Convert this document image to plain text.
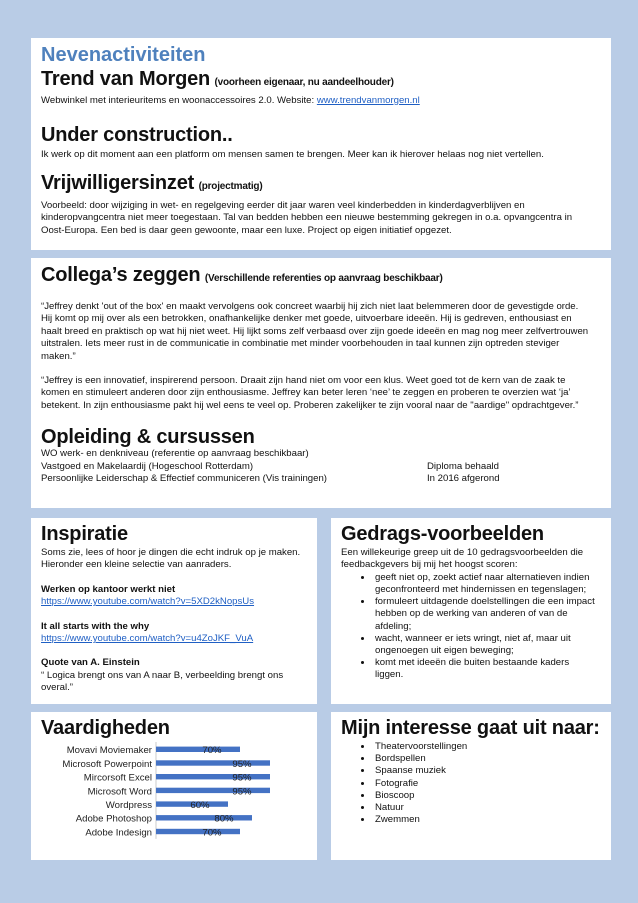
Nevenactiviteiten
Trend van Morgen (voorheen eigenaar, nu aandeelhouder)
Webwinkel met interieuritems en woonaccessoires 2.0. Website: www.trendvanmorgen.nl
Under construction..
Ik werk op dit moment aan een platform om mensen samen te brengen. Meer kan ik hierover helaas nog niet vertellen.
Vrijwilligersinzet (projectmatig)
Voorbeeld: door wijziging in wet- en regelgeving eerder dit jaar waren veel kinderbedden in kinderdagverblijven en kinderopvangcentra niet meer toegestaan. Tal van bedden hebben een nieuwe bestemming gekregen in o.a. opvangcentra in Oost-Europa. Een bed is daar geen gewoonte, maar een luxe. Project op eigen initiatief opgezet.
Collega’s zeggen (Verschillende referenties op aanvraag beschikbaar)
“Jeffrey denkt 'out of the box' en maakt vervolgens ook concreet waarbij hij zich niet laat belemmeren door de gevestigde orde. Hij komt op mij over als een betrokken, onafhankelijke denker met goede, uitvoerbare ideeën. Hij is gedreven, enthousiast en haalt breed en praktisch op wat hij niet weet. Hij lijkt soms zelf verbaasd over zijn goede ideeën en mag nog meer zelfvertrouwen uitstralen. Iets meer rust in de communicatie in combinatie met minder voorbehouden in taal kunnen zijn optreden steviger maken.”
“Jeffrey is een innovatief, inspirerend persoon. Draait zijn hand niet om voor een klus. Weet goed tot de kern van de zaak te komen en stimuleert anderen door zijn enthousiasme. Jeffrey kan beter leren ‘nee’ te zeggen en proberen te overzien wat ‘ja’ betekent. In zijn enthousiasme pakt hij wel eens te veel op. Proberen zakelijker te zijn vooral naar de "aardige" opdrachtgever.”
Opleiding & cursussen
WO werk- en denkniveau (referentie op aanvraag beschikbaar)
Vastgoed en Makelaardij (Hogeschool Rotterdam)	Diploma behaald
Persoonlijke Leiderschap & Effectief communiceren (Vis trainingen)	In 2016 afgerond
Inspiratie
Soms zie, lees of hoor je dingen die echt indruk op je maken. Hieronder een kleine selectie van aanraders.
Werken op kantoor werkt niet
https://www.youtube.com/watch?v=5XD2kNopsUs
It all starts with the why
https://www.youtube.com/watch?v=u4ZoJKF_VuA
Quote van A. Einstein
“ Logica brengt ons van A naar B, verbeelding brengt ons overal.”
Gedrags-voorbeelden
Een willekeurige greep uit de 10 gedragsvoorbeelden die feedbackgevers bij mij het hoogst scoren:
• geeft niet op, zoekt actief naar alternatieven indien geconfronteerd met hindernissen en tegenslagen;
• formuleert uitdagende doelstellingen die een impact hebben op de werking van anderen of van de afdeling;
• wacht, wanneer er iets wringt, niet af, maar uit ongenoegen uit eigen beweging;
• komt met ideeën die buiten bestaande kaders liggen.
Vaardigheden
Movavi Moviemaker	70%
Microsoft Powerpoint	95%
Mircorsoft Excel	95%
Microsoft Word	95%
Wordpress	60%
Adobe Photoshop	80%
Adobe Indesign	70%
Mijn interesse gaat uit naar:
• Theatervoorstellingen
• Bordspellen
• Spaanse muziek
• Fotografie
• Bioscoop
• Natuur
• Zwemmen
